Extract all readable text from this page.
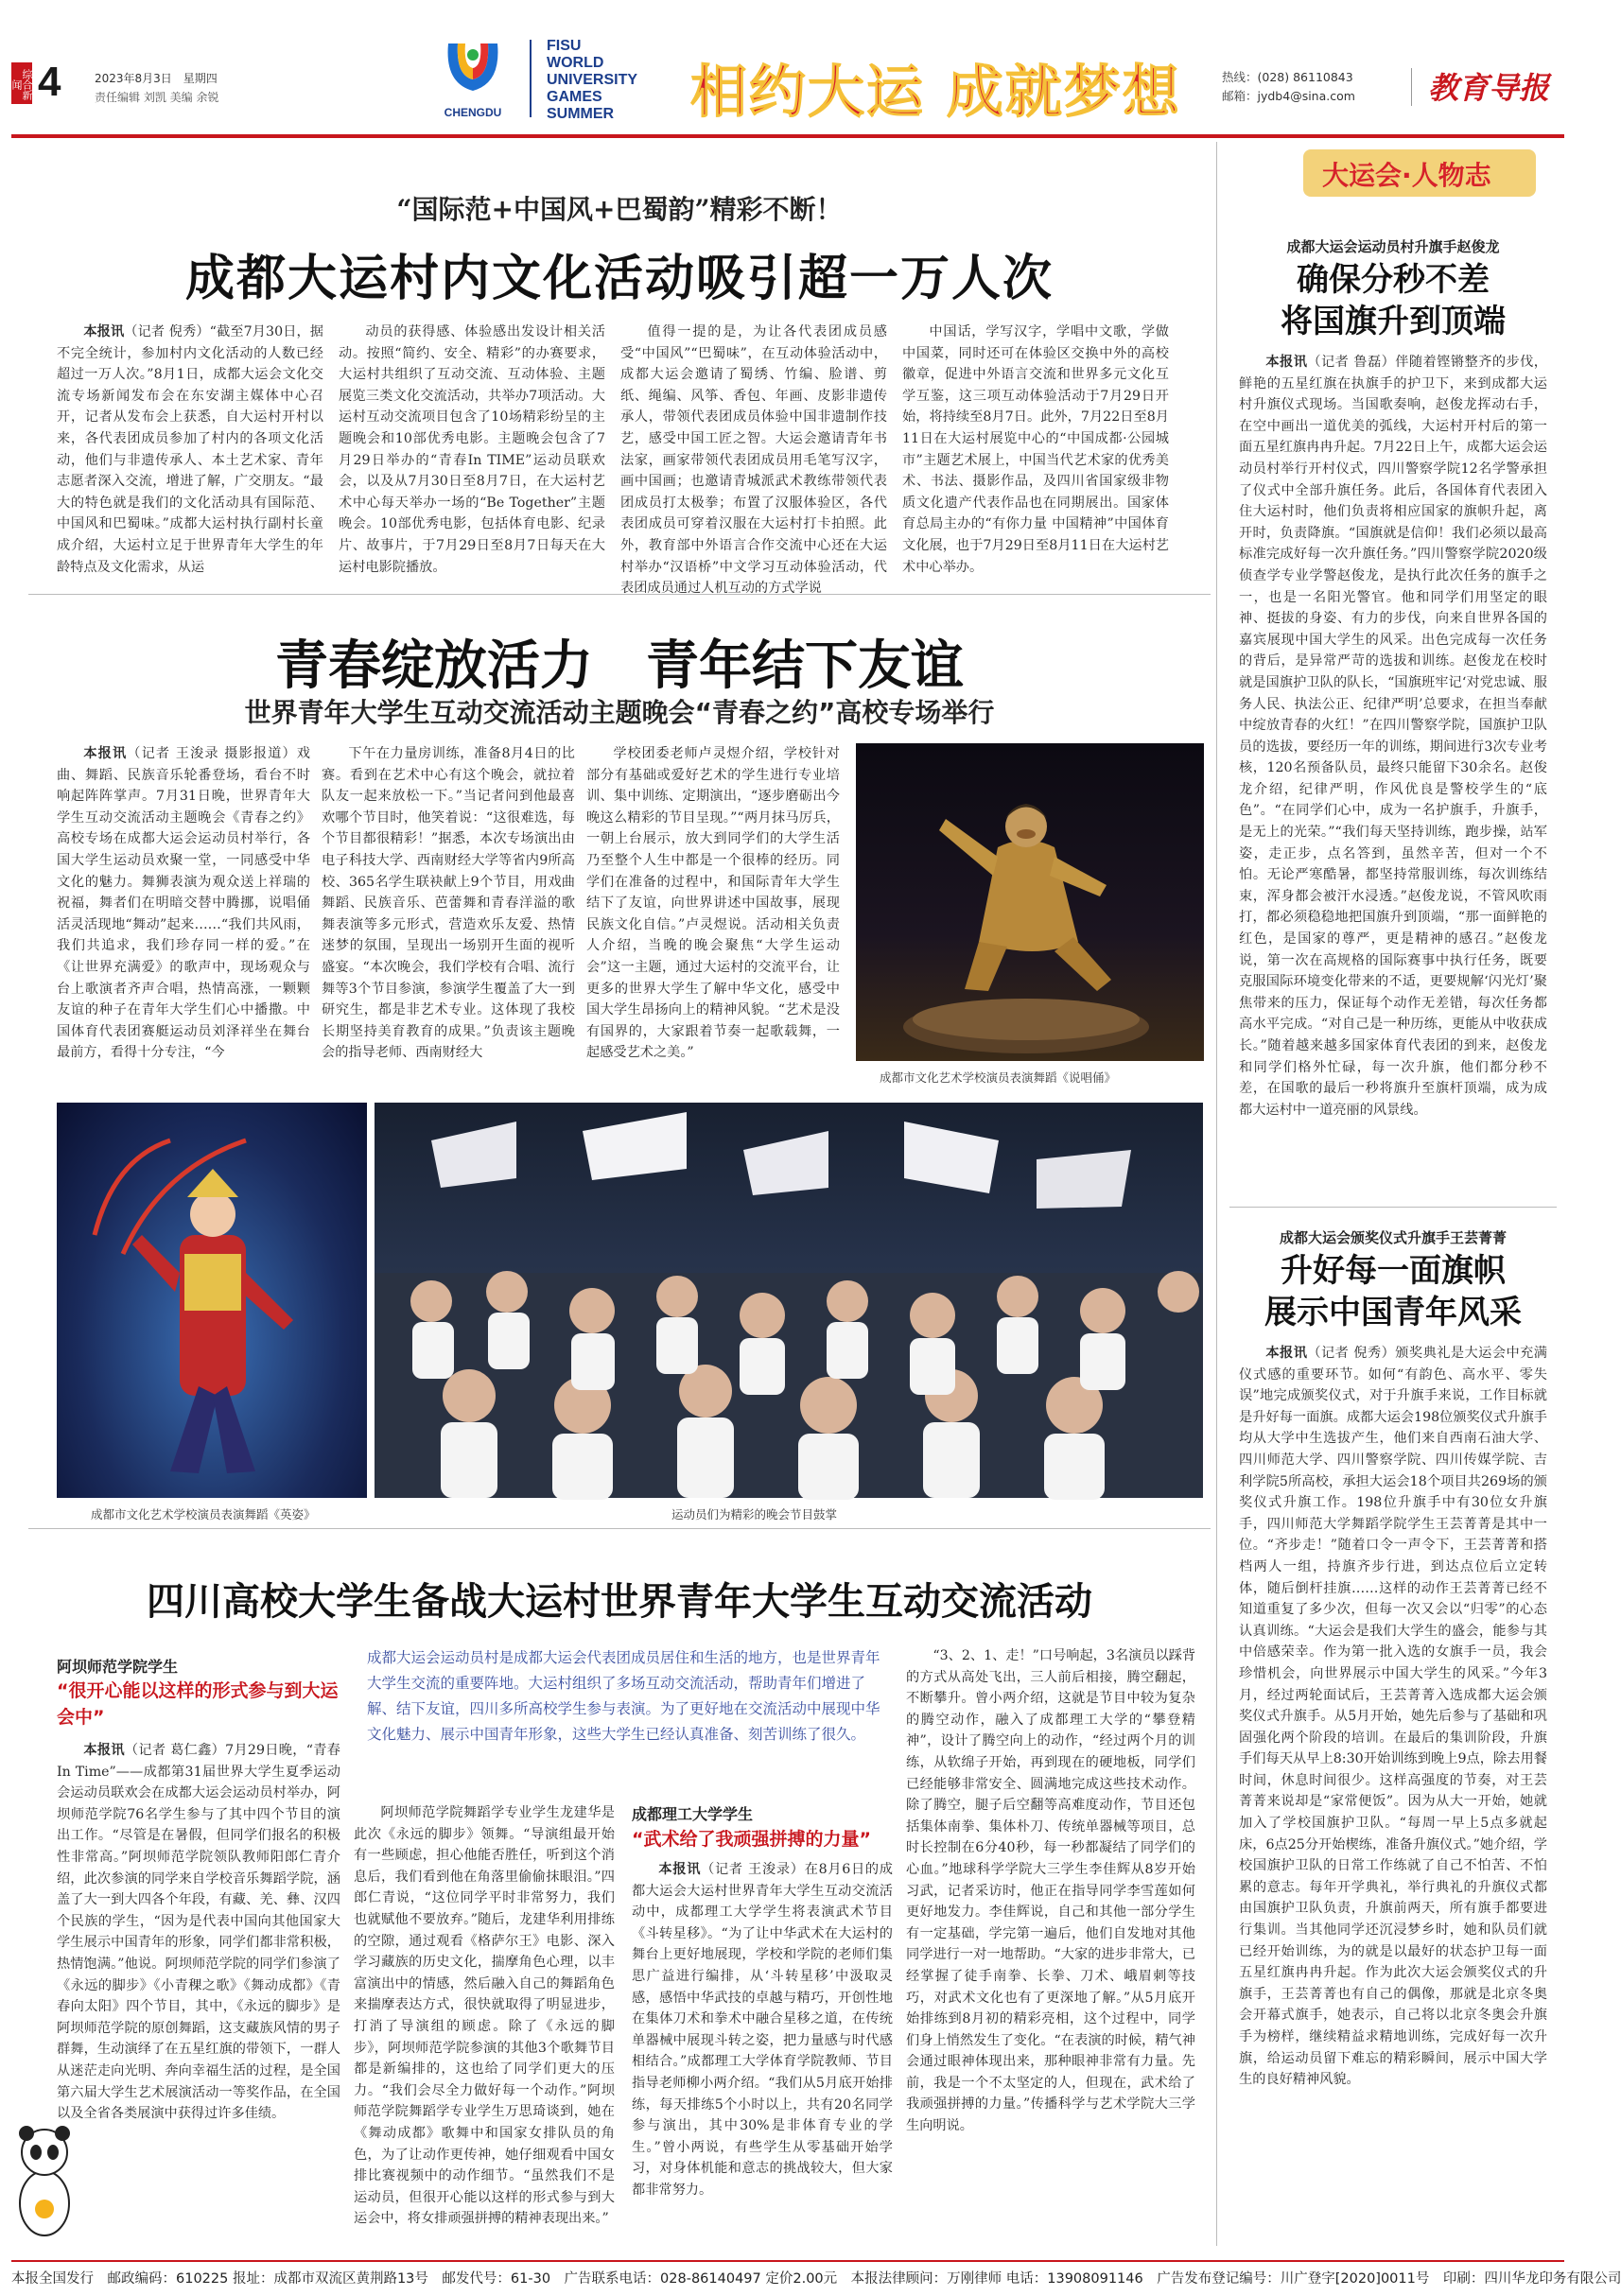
综合新闻 4	2023年8月3日　星期四
责任编辑 刘凯 美编 余锐
CHENGDU
FISU
WORLD
UNIVERSITY
GAMES
SUMMER	相约大运 成就梦想	热线：(028) 86110843
邮箱：jydb4@sina.com 教育导报
“国际范+中国风+巴蜀韵”精彩不断！
成都大运村内文化活动吸引超一万人次

本报讯（记者 倪秀）“截至7月30日，据不完全统计，参加村内文化活动的人数已经超过一万人次。”8月1日，成都大运会文化交流专场新闻发布会在东安湖主媒体中心召开，记者从发布会上获悉，自大运村开村以来，各代表团成员参加了村内的各项文化活动，他们与非遗传承人、本土艺术家、青年志愿者深入交流，增进了解，广交朋友。“最大的特色就是我们的文化活动具有国际范、中国风和巴蜀味。”成都大运村执行副村长童成介绍，大运村立足于世界青年大学生的年龄特点及文化需求，从运

动员的获得感、体验感出发设计相关活动。按照“简约、安全、精彩”的办赛要求，大运村共组织了互动交流、互动体验、主题展览三类文化交流活动，共举办7项活动。大运村互动交流项目包含了10场精彩纷呈的主题晚会和10部优秀电影。主题晚会包含了7月29日举办的“青春In TIME”运动员联欢会，以及从7月30日至8月7日，在大运村艺术中心每天举办一场的“Be Together”主题晚会。10部优秀电影，包括体育电影、纪录片、故事片，于7月29日至8月7日每天在大运村电影院播放。

值得一提的是，为让各代表团成员感受“中国风”“巴蜀味”，在互动体验活动中，成都大运会邀请了蜀绣、竹编、脸谱、剪纸、绳编、风筝、香包、年画、皮影非遗传承人，带领代表团成员体验中国非遗制作技艺，感受中国工匠之智。大运会邀请青年书法家，画家带领代表团成员用毛笔写汉字，画中国画；也邀请青城派武术教练带领代表团成员打太极拳；布置了汉服体验区，各代表团成员可穿着汉服在大运村打卡拍照。此外，教育部中外语言合作交流中心还在大运村举办“汉语桥”中文学习互动体验活动，代表团成员通过人机互动的方式学说

中国话，学写汉字，学唱中文歌，学做中国菜，同时还可在体验区交换中外的高校徽章，促进中外语言交流和世界多元文化互学互鉴，这三项互动体验活动于7月29日开始，将持续至8月7日。此外，7月22日至8月11日在大运村展览中心的“中国成都·公园城市”主题艺术展上，中国当代艺术家的优秀美术、书法、摄影作品，及四川省国家级非物质文化遗产代表作品也在同期展出。国家体育总局主办的“有你力量 中国精神”中国体育文化展，也于7月29日至8月11日在大运村艺术中心举办。

青春绽放活力　青年结下友谊
世界青年大学生互动交流活动主题晚会“青春之约”高校专场举行

本报讯（记者 王浚录 摄影报道）戏曲、舞蹈、民族音乐轮番登场，看台不时响起阵阵掌声。7月31日晚，世界青年大学生互动交流活动主题晚会《青春之约》高校专场在成都大运会运动员村举行，各国大学生运动员欢聚一堂，一同感受中华文化的魅力。舞狮表演为观众送上祥瑞的祝福，舞者们在明暗交替中腾挪，说唱俑活灵活现地“舞动”起来……“我们共风雨，我们共追求，我们珍存同一样的爱。”在《让世界充满爱》的歌声中，现场观众与台上歌演者齐声合唱，热情高涨，一颗颗友谊的种子在青年大学生们心中播撒。中国体育代表团赛艇运动员刘泽祥坐在舞台最前方，看得十分专注，“今

下午在力量房训练，准备8月4日的比赛。看到在艺术中心有这个晚会，就拉着队友一起来放松一下。”当记者问到他最喜欢哪个节目时，他笑着说：“这很难选，每个节目都很精彩！”据悉，本次专场演出由电子科技大学、西南财经大学等省内9所高校、365名学生联袂献上9个节目，用戏曲舞蹈、民族音乐、芭蕾舞和青春洋溢的歌舞表演等多元形式，营造欢乐友爱、热情迷梦的氛围，呈现出一场别开生面的视听盛宴。“本次晚会，我们学校有合唱、流行舞等3个节目参演，参演学生覆盖了大一到研究生，都是非艺术专业。这体现了我校长期坚持美育教育的成果。”负责该主题晚会的指导老师、西南财经大

学校团委老师卢灵煜介绍，学校针对部分有基础或爱好艺术的学生进行专业培训、集中训练、定期演出，“逐步磨砺出今晚这么精彩的节目呈现。”“两月抹马厉兵，一朝上台展示，放大到同学们的大学生活乃至整个人生中都是一个很棒的经历。同学们在准备的过程中，和国际青年大学生结下了友谊，向世界讲述中国故事，展现民族文化自信。”卢灵煜说。活动相关负责人介绍，当晚的晚会聚焦“大学生运动会”这一主题，通过大运村的交流平台，让更多的世界大学生了解中华文化，感受中国大学生昂扬向上的精神风貌。“艺术是没有国界的，大家跟着节奏一起歌载舞，一起感受艺术之美。”

成都市文化艺术学校演员表演舞蹈《说唱俑》
成都市文化艺术学校演员表演舞蹈《英姿》	运动员们为精彩的晚会节目鼓掌
四川高校大学生备战大运村世界青年大学生互动交流活动
成都大运会运动员村是成都大运会代表团成员居住和生活的地方，也是世界青年大学生交流的重要阵地。大运村组织了多场互动交流活动，帮助青年们增进了解、结下友谊，四川多所高校学生参与表演。为了更好地在交流活动中展现中华文化魅力、展示中国青年形象，这些大学生已经认真准备、刻苦训练了很久。
阿坝师范学院学生
“很开心能以这样的形式参与到大运会中”

本报讯（记者 葛仁鑫）7月29日晚，“青春 In Time”——成都第31届世界大学生夏季运动会运动员联欢会在成都大运会运动员村举办，阿坝师范学院76名学生参与了其中四个节目的演出工作。“尽管是在暑假，但同学们报名的积极性非常高。”阿坝师范学院领队教师阳郎仁青介绍，此次参演的同学来自学校音乐舞蹈学院，涵盖了大一到大四各个年段，有藏、羌、彝、汉四个民族的学生，“因为是代表中国向其他国家大学生展示中国青年的形象，同学们都非常积极，热情饱满。”他说。阿坝师范学院的同学们参演了《永远的脚步》《小青稞之歌》《舞动成都》《青春向太阳》四个节目，其中，《永远的脚步》是阿坝师范学院的原创舞蹈，这支藏族风情的男子群舞，生动演绎了在五星红旗的带领下，一群人从迷茫走向光明、奔向幸福生活的过程，是全国第六届大学生艺术展演活动一等奖作品，在全国以及全省各类展演中获得过许多佳绩。

阿坝师范学院舞蹈学专业学生龙建华是此次《永远的脚步》领舞。“导演组最开始有一些顾虑，担心他能否胜任，听到这个消息后，我们看到他在角落里偷偷抹眼泪。”四郎仁青说，“这位同学平时非常努力，我们也就赋他不要放弃。”随后，龙建华利用排练的空隙，通过观看《格萨尔王》电影、深入学习藏族的历史文化，揣摩角色心理，以丰富演出中的情感，然后融入自己的舞蹈角色来揣摩表达方式，很快就取得了明显进步，打消了导演组的顾虑。除了《永远的脚步》，阿坝师范学院参演的其他3个歌舞节目都是新编排的，这也给了同学们更大的压力。“我们会尽全力做好每一个动作。”阿坝师范学院舞蹈学专业学生万思琦谈到，她在《舞动成都》歌舞中和国家女排队员的角色，为了让动作更传神，她仔细观看中国女排比赛视频中的动作细节。“虽然我们不是运动员，但很开心能以这样的形式参与到大运会中，将女排顽强拼搏的精神表现出来。”

成都理工大学学生
“武术给了我顽强拼搏的力量”

本报讯（记者 王浚录）在8月6日的成都大运会大运村世界青年大学生互动交流活动中，成都理工大学学生将表演武术节目《斗转星移》。“为了让中华武术在大运村的舞台上更好地展现，学校和学院的老师们集思广益进行编排，从‘斗转星移’中汲取灵感，感悟中华武技的卓越与精巧，开创性地在集体刀术和拳术中融合星移之道，在传统单器械中展现斗转之姿，把力量感与时代感相结合。”成都理工大学体育学院教师、节目指导老师柳小两介绍。“我们从5月底开始排练，每天排练5个小时以上，共有20名同学参与演出，其中30%是非体育专业的学生。”曾小两说，有些学生从零基础开始学习，对身体机能和意志的挑战较大，但大家都非常努力。

“3、2、1、走！”口号响起，3名演员以踩背的方式从高处飞出，三人前后相接，腾空翻起，不断攀升。曾小两介绍，这就是节目中较为复杂的腾空动作，融入了成都理工大学的“攀登精神”，设计了腾空向上的动作，“经过两个月的训练，从软绵子开始，再到现在的硬地板，同学们已经能够非常安全、圆满地完成这些技术动作。除了腾空，腿子后空翻等高难度动作，节目还包括集体南拳、集体朴刀、传统单器械等项目，总时长控制在6分40秒，每一秒都凝结了同学们的心血。”地球科学学院大三学生李佳辉从8岁开始习武，记者采访时，他正在指导同学李雪莲如何更好地发力。李佳辉说，自己和其他一部分学生有一定基础，学完第一遍后，他们自发地对其他同学进行一对一地帮助。“大家的进步非常大，已经掌握了徒手南拳、长拳、刀术、峨眉刺等技巧，对武术文化也有了更深地了解。”从5月底开始排练到8月初的精彩亮相，这个过程中，同学们身上悄然发生了变化。“在表演的时候，精气神会通过眼神体现出来，那种眼神非常有力量。先前，我是一个不太坚定的人，但现在，武术给了我顽强拼搏的力量。”传播科学与艺术学院大三学生向明说。

大运会·人物志
成都大运会运动员村升旗手赵俊龙
确保分秒不差
将国旗升到顶端

本报讯（记者 鲁磊）伴随着铿锵整齐的步伐，鲜艳的五星红旗在执旗手的护卫下，来到成都大运村升旗仪式现场。当国歌奏响，赵俊龙挥动右手，在空中画出一道优美的弧线，大运村开村后的第一面五星红旗冉冉升起。7月22日上午，成都大运会运动员村举行开村仪式，四川警察学院12名学警承担了仪式中全部升旗任务。此后，各国体育代表团入住大运村时，他们负责将相应国家的旗帜升起，离开时，负责降旗。“国旗就是信仰！我们必须以最高标准完成好每一次升旗任务。”四川警察学院2020级侦查学专业学警赵俊龙，是执行此次任务的旗手之一，也是一名阳光警官。他和同学们用坚定的眼神、挺拔的身姿、有力的步伐，向来自世界各国的嘉宾展现中国大学生的风采。出色完成每一次任务的背后，是异常严苛的选拔和训练。赵俊龙在校时就是国旗护卫队的队长，“国旗班牢记‘对党忠诚、服务人民、执法公正、纪律严明’总要求，在担当奉献中绽放青春的火红！”在四川警察学院，国旗护卫队员的选拔，要经历一年的训练，期间进行3次专业考核，120名预备队员，最终只能留下30余名。赵俊龙介绍，纪律严明，作风优良是警校学生的“底色”。“在同学们心中，成为一名护旗手，升旗手，是无上的光荣。”“我们每天坚持训练，跑步操，站军姿，走正步，点名答到，虽然辛苦，但对一个不怕。无论严寒酷暑，都坚持常服训练，每次训练结束，浑身都会被汗水浸透。”赵俊龙说，不管风吹雨打，都必须稳稳地把国旗升到顶端，“那一面鲜艳的红色，是国家的尊严，更是精神的感召。”赵俊龙说，第一次在高规格的国际赛事中执行任务，既要克服国际环境变化带来的不适，更要规解‘闪光灯’聚焦带来的压力，保证每个动作无差错，每次任务都高水平完成。“对自己是一种历练，更能从中收获成长。”随着越来越多国家体育代表团的到来，赵俊龙和同学们格外忙碌，每一次升旗，他们都分秒不差，在国歌的最后一秒将旗升至旗杆顶端，成为成都大运村中一道亮丽的风景线。

成都大运会颁奖仪式升旗手王芸菁菁
升好每一面旗帜
展示中国青年风采

本报讯（记者 倪秀）颁奖典礼是大运会中充满仪式感的重要环节。如何“有韵色、高水平、零失误”地完成颁奖仪式，对于升旗手来说，工作目标就是升好每一面旗。成都大运会198位颁奖仪式升旗手均从大学中生选拔产生，他们来自西南石油大学、四川师范大学、四川警察学院、四川传媒学院、吉利学院5所高校，承担大运会18个项目共269场的颁奖仪式升旗工作。198位升旗手中有30位女升旗手，四川师范大学舞蹈学院学生王芸菁菁是其中一位。“齐步走！”随着口令一声令下，王芸菁菁和搭档两人一组，持旗齐步行进，到达点位后立定转体，随后倒杆挂旗……这样的动作王芸菁菁已经不知道重复了多少次，但每一次又会以“归零”的心态认真训练。“大运会是我们大学生的盛会，能参与其中倍感荣幸。作为第一批入选的女旗手一员，我会珍惜机会，向世界展示中国大学生的风采。”今年3月，经过两轮面试后，王芸菁菁入选成都大运会颁奖仪式升旗手。从5月开始，她先后参与了基础和巩固强化两个阶段的培训。在最后的集训阶段，升旗手们每天从早上8:30开始训练到晚上9点，除去用餐时间，休息时间很少。这样高强度的节奏，对王芸菁菁来说却是“家常便饭”。因为从大一开始，她就加入了学校国旗护卫队。“每周一早上5点多就起床，6点25分开始楔练，准备升旗仪式。”她介绍，学校国旗护卫队的日常工作练就了自己不怕苦、不怕累的意志。每年开学典礼，举行典礼的升旗仪式都由国旗护卫队负责，升旗前两天，所有旗手都要进行集训。当其他同学还沉浸梦乡时，她和队员们就已经开始训练，为的就是以最好的状态护卫每一面五星红旗冉冉升起。作为此次大运会颁奖仪式的升旗手，王芸菁菁也有自己的偶像，那就是北京冬奥会开幕式旗手，她表示，自己将以北京冬奥会升旗手为榜样，继续精益求精地训练，完成好每一次升旗，给运动员留下难忘的精彩瞬间，展示中国大学生的良好精神风貌。

本报全国发行　邮政编码：610225 报址：成都市双流区黄荆路13号　邮发代号：61-30　广告联系电话：028-86140497 定价2.00元　本报法律顾问：万刚律师 电话：13908091146　广告发布登记编号：川广登字[2020]0011号　印刷：四川华龙印务有限公司
